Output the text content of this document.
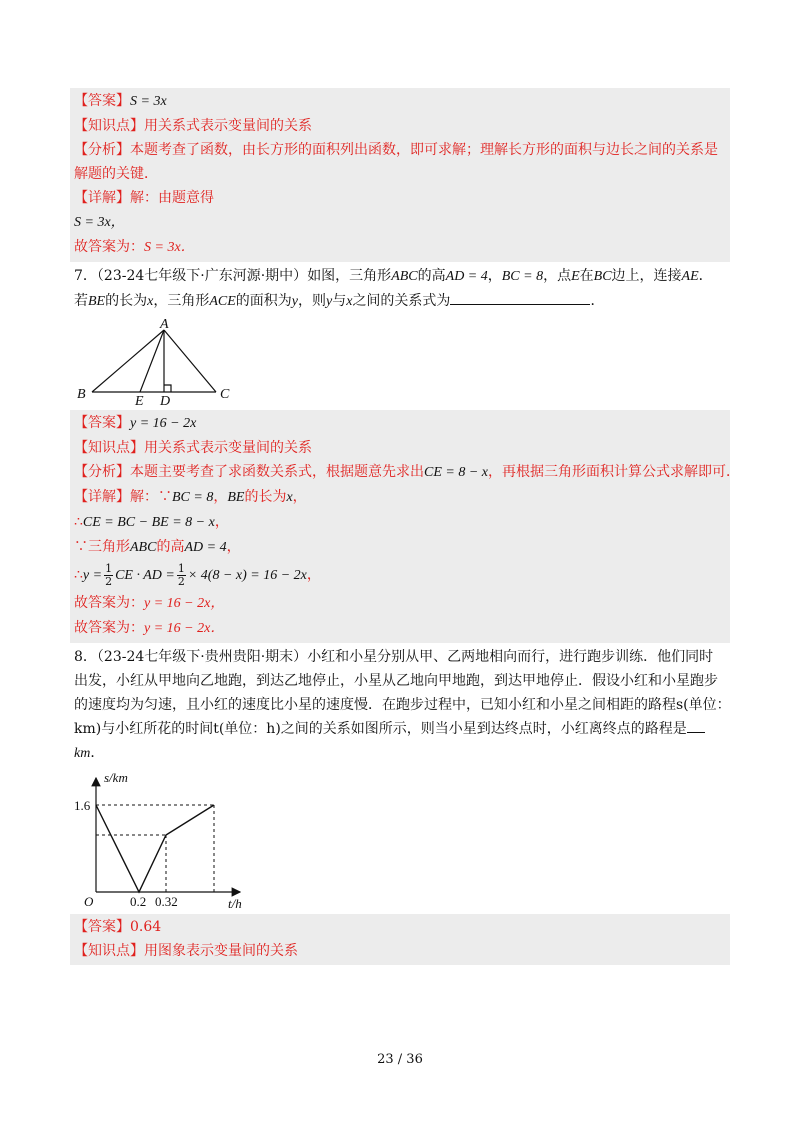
【答案】S = 3x
【知识点】用关系式表示变量间的关系
【分析】本题考查了函数，由长方形的面积列出函数，即可求解；理解长方形的面积与边长之间的关系是解题的关键．
【详解】解：由题意得
S = 3x，
故答案为：S = 3x．
7．（23-24七年级下·广东河源·期中）如图，三角形ABC的高AD = 4，BC = 8，点E在BC边上，连接AE．
若BE的长为x，三角形ACE的面积为y，则y与x之间的关系式为	．
A
B	C
D
E
【答案】y = 16 − 2x
【知识点】用关系式表示变量间的关系
【分析】本题主要考查了求函数关系式，根据题意先求出CE = 8 − x，再根据三角形面积计算公式求解即可．
【详解】解：∵BC = 8，BE的长为x，
∴CE = BC − BE = 8 − x，
∵三角形ABC的高AD = 4，
∴y = $\frac{1}{2}$ CE · AD = $\frac{1}{2} \times 4(8 - x) = 16 - 2x$，
故答案为：y = 16 − 2x，
故答案为：y = 16 − 2x．
8．（23-24七年级下·贵州贵阳·期末）小红和小星分别从甲、乙两地相向而行，进行跑步训练．他们同时
出发，小红从甲地向乙地跑，到达乙地停止，小星从乙地向甲地跑，到达甲地停止．假设小红和小星跑步
的速度均为匀速，且小红的速度比小星的速度慢．在跑步过程中，已知小红和小星之间相距的路程s(单位：
km)与小红所花的时间t(单位：h)之间的关系如图所示，则当小星到达终点时，小红离终点的路程是
km．
s/km
1.6
O	0.2 0.32	t/h
【答案】0.64
【知识点】用图象表示变量间的关系
23 / 36
